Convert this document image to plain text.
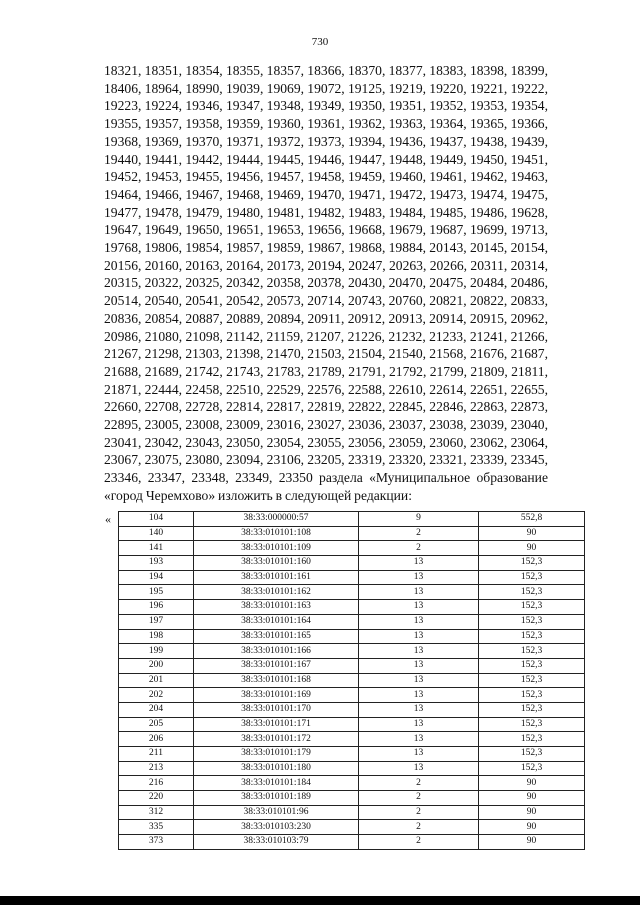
730
18321, 18351, 18354, 18355, 18357, 18366, 18370, 18377, 18383, 18398, 18399, 18406, 18964, 18990, 19039, 19069, 19072, 19125, 19219, 19220, 19221, 19222, 19223, 19224, 19346, 19347, 19348, 19349, 19350, 19351, 19352, 19353, 19354, 19355, 19357, 19358, 19359, 19360, 19361, 19362, 19363, 19364, 19365, 19366, 19368, 19369, 19370, 19371, 19372, 19373, 19394, 19436, 19437, 19438, 19439, 19440, 19441, 19442, 19444, 19445, 19446, 19447, 19448, 19449, 19450, 19451, 19452, 19453, 19455, 19456, 19457, 19458, 19459, 19460, 19461, 19462, 19463, 19464, 19466, 19467, 19468, 19469, 19470, 19471, 19472, 19473, 19474, 19475, 19477, 19478, 19479, 19480, 19481, 19482, 19483, 19484, 19485, 19486, 19628, 19647, 19649, 19650, 19651, 19653, 19656, 19668, 19679, 19687, 19699, 19713, 19768, 19806, 19854, 19857, 19859, 19867, 19868, 19884, 20143, 20145, 20154, 20156, 20160, 20163, 20164, 20173, 20194, 20247, 20263, 20266, 20311, 20314, 20315, 20322, 20325, 20342, 20358, 20378, 20430, 20470, 20475, 20484, 20486, 20514, 20540, 20541, 20542, 20573, 20714, 20743, 20760, 20821, 20822, 20833, 20836, 20854, 20887, 20889, 20894, 20911, 20912, 20913, 20914, 20915, 20962, 20986, 21080, 21098, 21142, 21159, 21207, 21226, 21232, 21233, 21241, 21266, 21267, 21298, 21303, 21398, 21470, 21503, 21504, 21540, 21568, 21676, 21687, 21688, 21689, 21742, 21743, 21783, 21789, 21791, 21792, 21799, 21809, 21811, 21871, 22444, 22458, 22510, 22529, 22576, 22588, 22610, 22614, 22651, 22655, 22660, 22708, 22728, 22814, 22817, 22819, 22822, 22845, 22846, 22863, 22873, 22895, 23005, 23008, 23009, 23016, 23027, 23036, 23037, 23038, 23039, 23040, 23041, 23042, 23043, 23050, 23054, 23055, 23056, 23059, 23060, 23062, 23064, 23067, 23075, 23080, 23094, 23106, 23205, 23319, 23320, 23321, 23339, 23345, 23346, 23347, 23348, 23349, 23350 раздела «Муниципальное образование «город Черемхово» изложить в следующей редакции:
«	104	38:33:000000:57	9	552,8
140	38:33:010101:108	2	90
141	38:33:010101:109	2	90
193	38:33:010101:160	13	152,3
194	38:33:010101:161	13	152,3
195	38:33:010101:162	13	152,3
196	38:33:010101:163	13	152,3
197	38:33:010101:164	13	152,3
198	38:33:010101:165	13	152,3
199	38:33:010101:166	13	152,3
200	38:33:010101:167	13	152,3
201	38:33:010101:168	13	152,3
202	38:33:010101:169	13	152,3
204	38:33:010101:170	13	152,3
205	38:33:010101:171	13	152,3
206	38:33:010101:172	13	152,3
211	38:33:010101:179	13	152,3
213	38:33:010101:180	13	152,3
216	38:33:010101:184	2	90
220	38:33:010101:189	2	90
312	38:33:010101:96	2	90
335	38:33:010103:230	2	90
373	38:33:010103:79	2	90
